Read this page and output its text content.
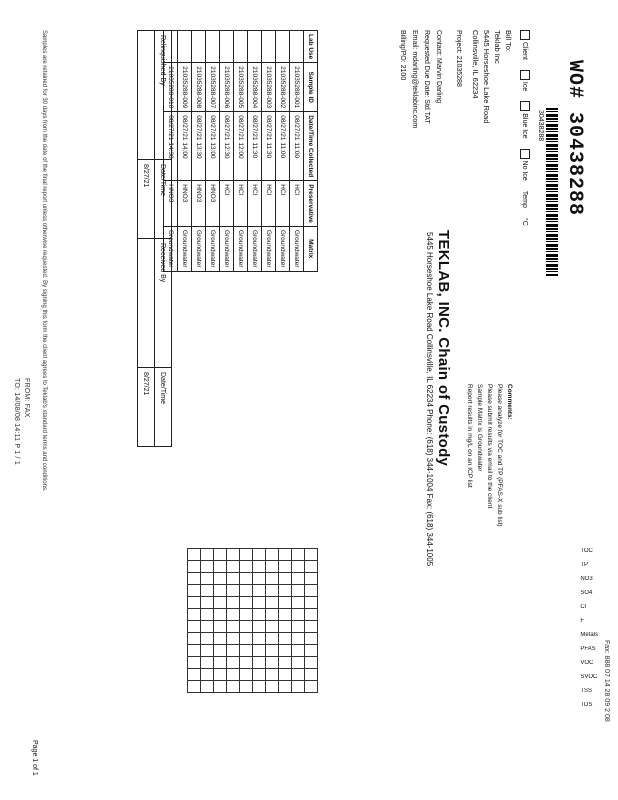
FROM: FAX
TO: 14/08/08 14:11 P 1 / 1
Fax: 888 07 14 28 09 2 08
WO# 30438288
30438288
TEKLAB, INC. Chain of Custody
5445 Horseshoe Lake Road Collinsville, IL 62234 Phone: (618) 344-1004 Fax: (618) 344-1005
Client
Ice
Blue Ice
No Ice
Temp
°C
Bill To:
Teklab Inc
5445 Horseshoe Lake Road
Collinsville, IL 62234
Project: 21035288
Contact: Marvin Darling
Requested Due Date: Std TAT
Email: mdarling@teklabinc.com
Billing/PO: 2100
Comments:
Please analyze for TOC and TP (PFAS-X sub list)
Please submit results via email to the client
Sample Matrix is Groundwater
Report results in mg/L on an ICP list
Lab Use	Sample ID	Date/Time Collected	Preservative	Matrix
	21035288-001	08/27/21 11:00	HCl	Groundwater
	21035288-002	08/27/21 11:00	HCl	Groundwater
	21035288-003	08/27/21 11:30	HCl	Groundwater
	21035288-004	08/27/21 11:30	HCl	Groundwater
	21035288-005	08/27/21 12:00	HCl	Groundwater
	21035288-006	08/27/21 12:30	HCl	Groundwater
	21035288-007	08/27/21 13:00	HNO3	Groundwater
	21035288-008	08/27/21 13:30	HNO3	Groundwater
	21035288-009	08/27/21 14:00	HNO3	Groundwater
	21035288-010	08/27/21 14:30	HNO3	Groundwater
TOC
TP
NO3
SO4
Cl
F
Metals
PFAS
VOC
SVOC
TSS
TDS

Relinquished By	Date/Time	Received By	Date/Time
	8/27/21		8/27/21
Samples are retained for 30 days from the date of the final report unless otherwise requested. By signing this form the client agrees to Teklab's standard terms and conditions.
Page 1 of 1
